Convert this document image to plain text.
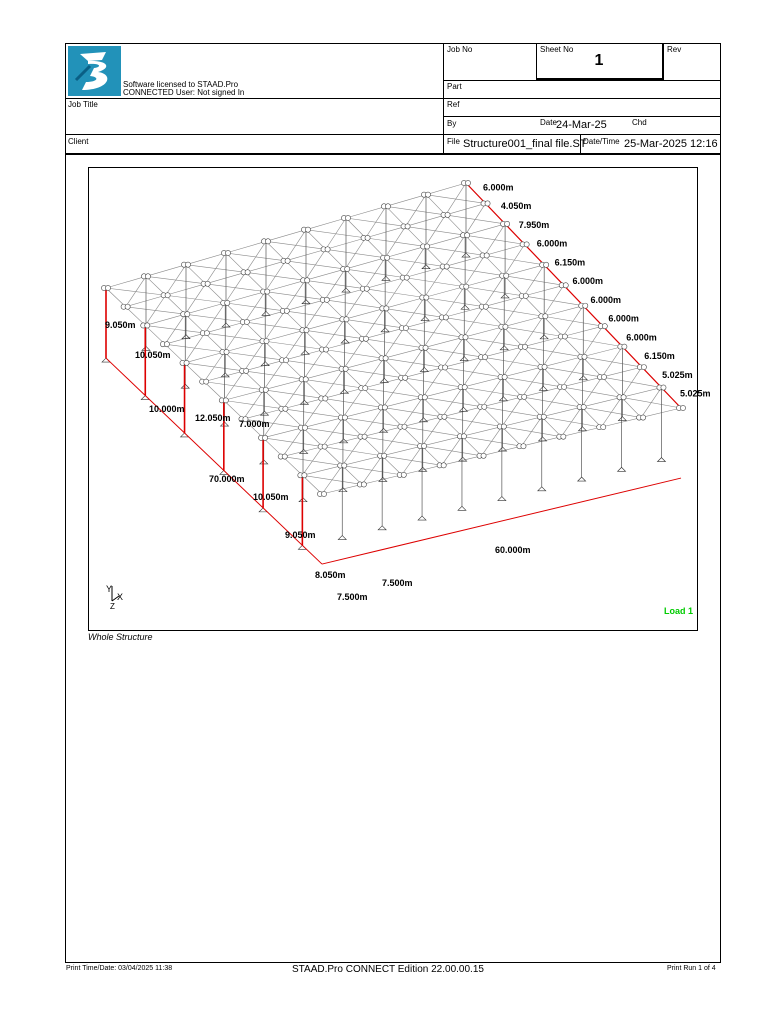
Software licensed to STAAD.Pro
CONNECTED User: Not signed In
Job No	Sheet No
1
Rev
Part
Job Title	Ref
By	Date 24-Mar-25	Chd
Client	File Structure001_final file.ST
Date/Time 25-Mar-2025 12:16
6.000m
4.050m
7.950m
6.000m
6.150m
6.000m
6.000m
6.000m
6.000m
6.150m
5.025m
5.025m
9.050m
10.050m
10.000m
12.050m
7.000m
70.000m
10.050m
9.050m
8.050m
60.000m
7.500m
7.500m
Y
X
Z	Load 1
Whole Structure
Print Time/Date: 03/04/2025 11:38	STAAD.Pro CONNECT Edition 22.00.00.15	Print Run 1 of 4
